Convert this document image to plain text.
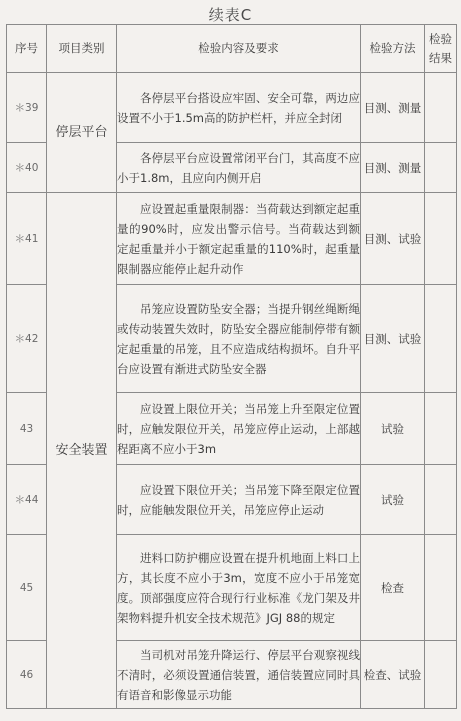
续表C
序号	项目类别	检验内容及要求	检验方法	检验结果
＊39	停层平台	各停层平台搭设应牢固、安全可靠，两边应设置不小于1.5m高的防护栏杆，并应全封闭	目测、测量	
＊40		各停层平台应设置常闭平台门，其高度不应小于1.8m，且应向内侧开启	目测、测量	
＊41	安全装置	应设置起重量限制器：当荷载达到额定起重量的90%时，应发出警示信号。当荷载达到额定起重量并小于额定起重量的110%时，起重量限制器应能停止起升动作	目测、试验	
＊42		吊笼应设置防坠安全器；当提升钢丝绳断绳或传动装置失效时，防坠安全器应能制停带有额定起重量的吊笼，且不应造成结构损坏。自升平台应设置有渐进式防坠安全器	目测、试验	
43		应设置上限位开关；当吊笼上升至限定位置时，应触发限位开关，吊笼应停止运动，上部越程距离不应小于3m	试验	
＊44		应设置下限位开关；当吊笼下降至限定位置时，应能触发限位开关，吊笼应停止运动	试验	
45		进料口防护棚应设置在提升机地面上料口上方，其长度不应小于3m，宽度不应小于吊笼宽度。顶部强度应符合现行行业标准《龙门架及井架物料提升机安全技术规范》JGJ 88的规定	检查	
46		当司机对吊笼升降运行、停层平台观察视线不清时，必须设置通信装置，通信装置应同时具有语音和影像显示功能	检查、试验	
